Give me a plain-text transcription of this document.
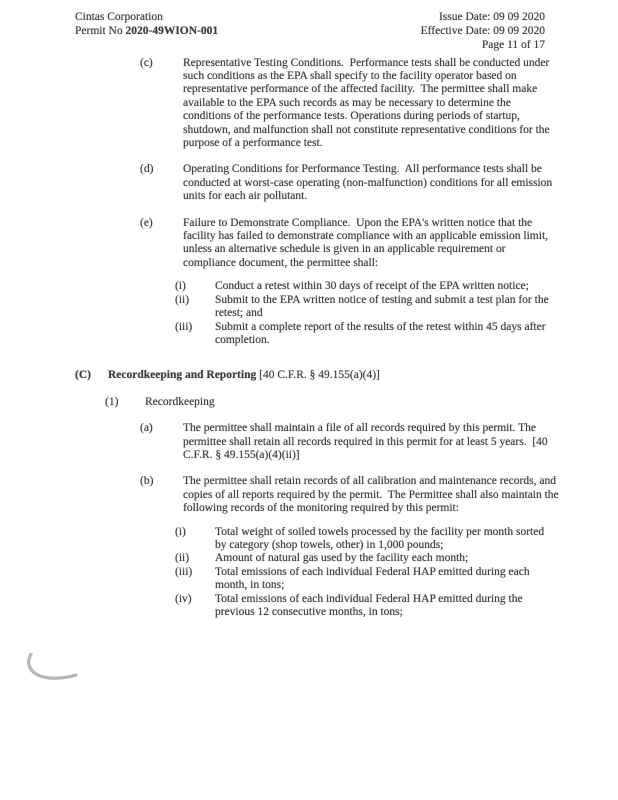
Cintas Corporation
Permit No 2020-49WION-001
Issue Date: 09 09 2020
Effective Date: 09 09 2020
Page 11 of 17
(c)	Representative Testing Conditions.  Performance tests shall be conducted under such conditions as the EPA shall specify to the facility operator based on representative performance of the affected facility.  The permittee shall make available to the EPA such records as may be necessary to determine the conditions of the performance tests. Operations during periods of startup, shutdown, and malfunction shall not constitute representative conditions for the purpose of a performance test.

(d)	Operating Conditions for Performance Testing.  All performance tests shall be conducted at worst-case operating (non-malfunction) conditions for all emission units for each air pollutant.

(e)	Failure to Demonstrate Compliance.  Upon the EPA's written notice that the facility has failed to demonstrate compliance with an applicable emission limit, unless an alternative schedule is given in an applicable requirement or compliance document, the permittee shall:

(i)	Conduct a retest within 30 days of receipt of the EPA written notice;

(ii)	Submit to the EPA written notice of testing and submit a test plan for the retest; and

(iii)	Submit a complete report of the results of the retest within 45 days after completion.

(C)	Recordkeeping and Reporting [40 C.F.R. § 49.155(a)(4)]

(1)	Recordkeeping

(a)	The permittee shall maintain a file of all records required by this permit. The permittee shall retain all records required in this permit for at least 5 years.  [40 C.F.R. § 49.155(a)(4)(ii)]

(b)	The permittee shall retain records of all calibration and maintenance records, and copies of all reports required by the permit.  The Permittee shall also maintain the following records of the monitoring required by this permit:

(i)	Total weight of soiled towels processed by the facility per month sorted by category (shop towels, other) in 1,000 pounds;

(ii)	Amount of natural gas used by the facility each month;

(iii)	Total emissions of each individual Federal HAP emitted during each month, in tons;

(iv)	Total emissions of each individual Federal HAP emitted during the previous 12 consecutive months, in tons;
